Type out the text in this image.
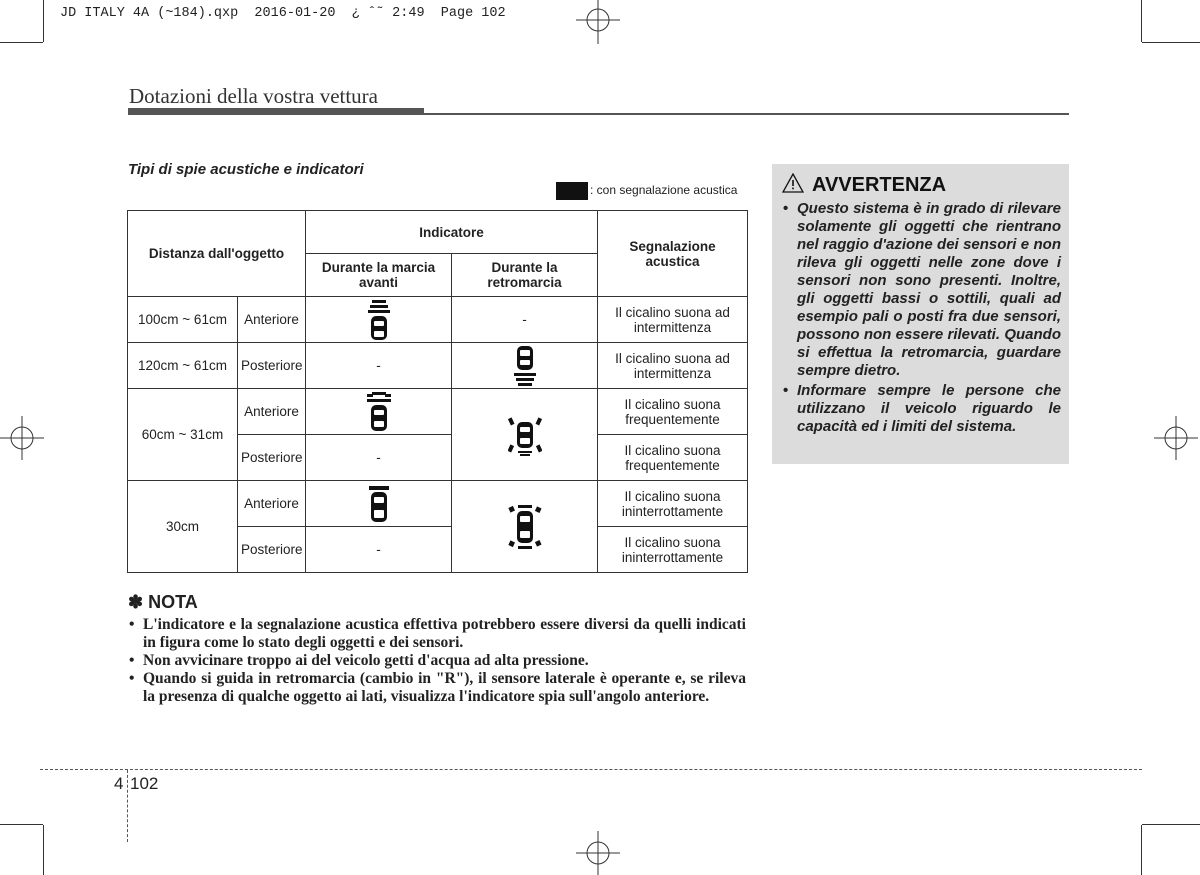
JD ITALY 4A (~184).qxp  2016-01-20  ¿ ˆ˜ 2:49  Page 102
Dotazioni della vostra vettura
Tipi di spie acustiche e indicatori
: con segnalazione acustica
Distanza dall'oggetto		Indicatore		Segnalazione acustica
		Durante la marcia avanti	Durante la retromarcia	
100cm ~ 61cm	Anteriore		-	Il cicalino suona ad intermittenza
120cm ~ 61cm	Posteriore	-		Il cicalino suona ad intermittenza
60cm ~ 31cm	Anteriore			Il cicalino suona frequentemente
	Posteriore	-		Il cicalino suona frequentemente
30cm	Anteriore			Il cicalino suona ininterrottamente
	Posteriore	-		Il cicalino suona ininterrottamente
✽ NOTA
• L'indicatore e la segnalazione acustica effettiva potrebbero essere diversi da quelli indicati in figura come lo stato degli oggetti e dei sensori.
• Non avvicinare troppo ai del veicolo getti d'acqua ad alta pressione.
• Quando si guida in retromarcia (cambio in "R"), il sensore laterale è operante e, se rileva la presenza di qualche oggetto ai lati, visualizza l'indicatore spia sull'angolo anteriore.
AVVERTENZA
• Questo sistema è in grado di rilevare solamente gli oggetti che rientrano nel raggio d'azione dei sensori e non rileva gli oggetti nelle zone dove i sensori non sono presenti. Inoltre, gli oggetti bassi o sottili, quali ad esempio pali o posti fra due sensori, possono non essere rilevati. Quando si effettua la retromarcia, guardare sempre dietro.
• Informare sempre le persone che utilizzano il veicolo riguardo le capacità ed i limiti del sistema.
4 102
